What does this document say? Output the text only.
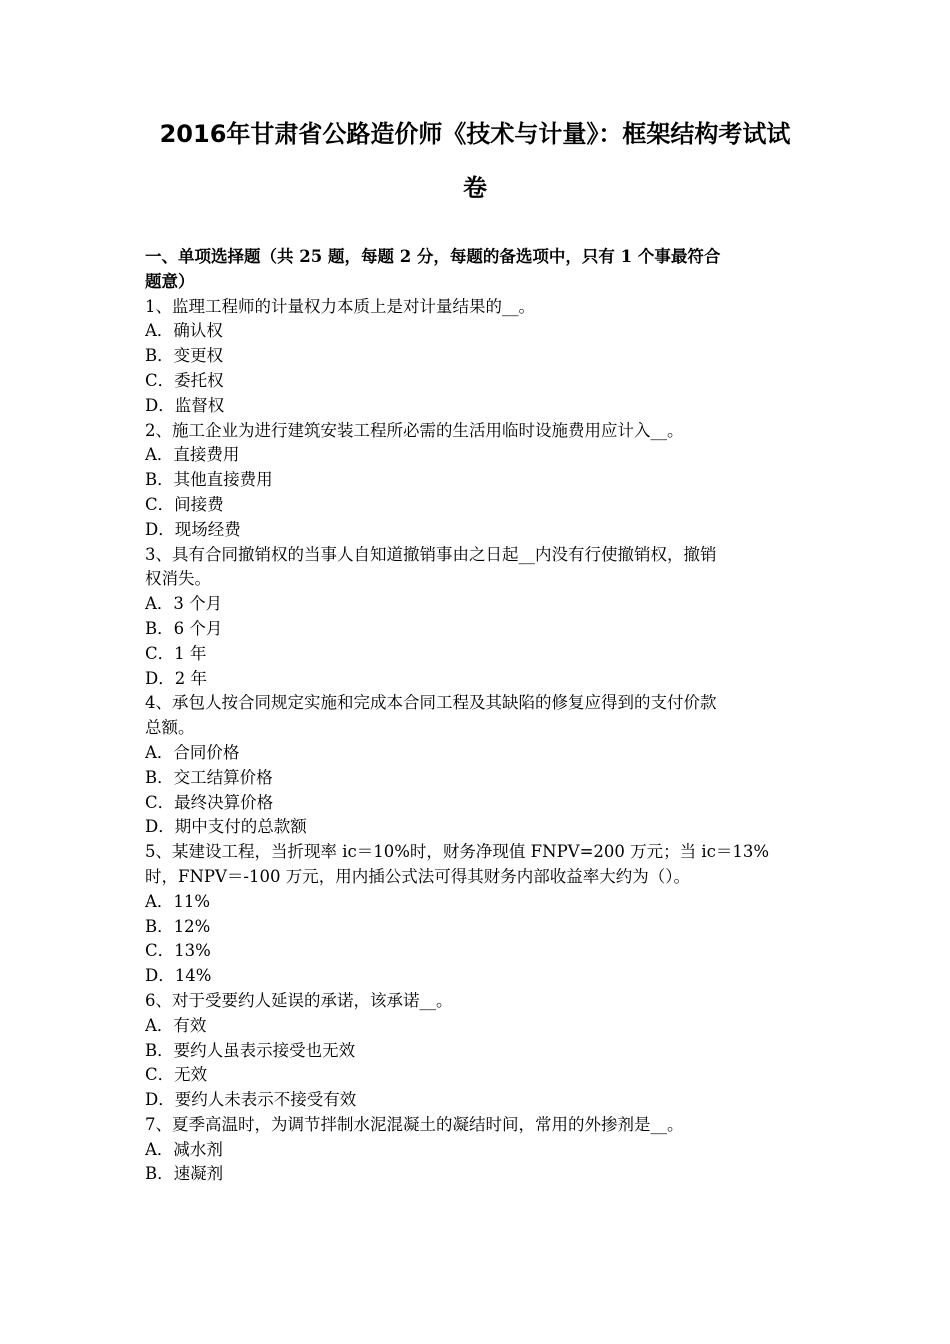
2016年甘肃省公路造价师《技术与计量》：框架结构考试试
卷
一、单项选择题（共 25 题，每题 2 分，每题的备选项中，只有 1 个事最符合
题意）
1、监理工程师的计量权力本质上是对计量结果的__。
A．确认权
B．变更权
C．委托权
D．监督权
2、施工企业为进行建筑安装工程所必需的生活用临时设施费用应计入__。
A．直接费用
B．其他直接费用
C．间接费
D．现场经费
3、具有合同撤销权的当事人自知道撤销事由之日起__内没有行使撤销权，撤销
权消失。
A．3 个月
B．6 个月
C．1 年
D．2 年
4、承包人按合同规定实施和完成本合同工程及其缺陷的修复应得到的支付价款
总额。
A．合同价格
B．交工结算价格
C．最终决算价格
D．期中支付的总款额
5、某建设工程，当折现率 ic＝10%时，财务净现值 FNPV=200 万元；当 ic＝13%
时，FNPV＝-100 万元，用内插公式法可得其财务内部收益率大约为（）。
A．11%
B．12%
C．13%
D．14%
6、对于受要约人延误的承诺，该承诺__。
A．有效
B．要约人虽表示接受也无效
C．无效
D．要约人未表示不接受有效
7、夏季高温时，为调节拌制水泥混凝土的凝结时间，常用的外掺剂是__。
A．减水剂
B．速凝剂
